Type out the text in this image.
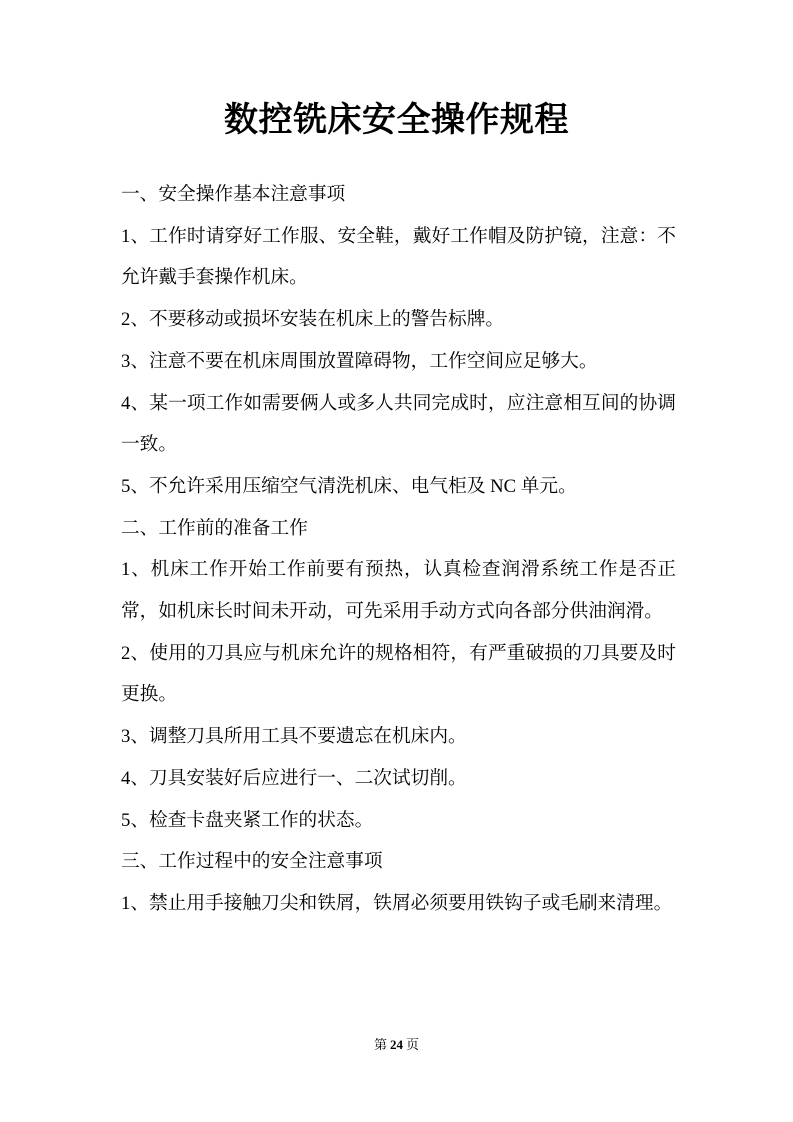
数控铣床安全操作规程

一、安全操作基本注意事项

1、工作时请穿好工作服、安全鞋，戴好工作帽及防护镜，注意：不允许戴手套操作机床。

2、不要移动或损坏安装在机床上的警告标牌。

3、注意不要在机床周围放置障碍物，工作空间应足够大。

4、某一项工作如需要俩人或多人共同完成时，应注意相互间的协调一致。

5、不允许采用压缩空气清洗机床、电气柜及 NC 单元。

二、工作前的准备工作

1、机床工作开始工作前要有预热，认真检查润滑系统工作是否正常，如机床长时间未开动，可先采用手动方式向各部分供油润滑。

2、使用的刀具应与机床允许的规格相符，有严重破损的刀具要及时更换。

3、调整刀具所用工具不要遗忘在机床内。

4、刀具安装好后应进行一、二次试切削。

5、检查卡盘夹紧工作的状态。

三、工作过程中的安全注意事项

1、禁止用手接触刀尖和铁屑，铁屑必须要用铁钩子或毛刷来清理。

第 24 页
